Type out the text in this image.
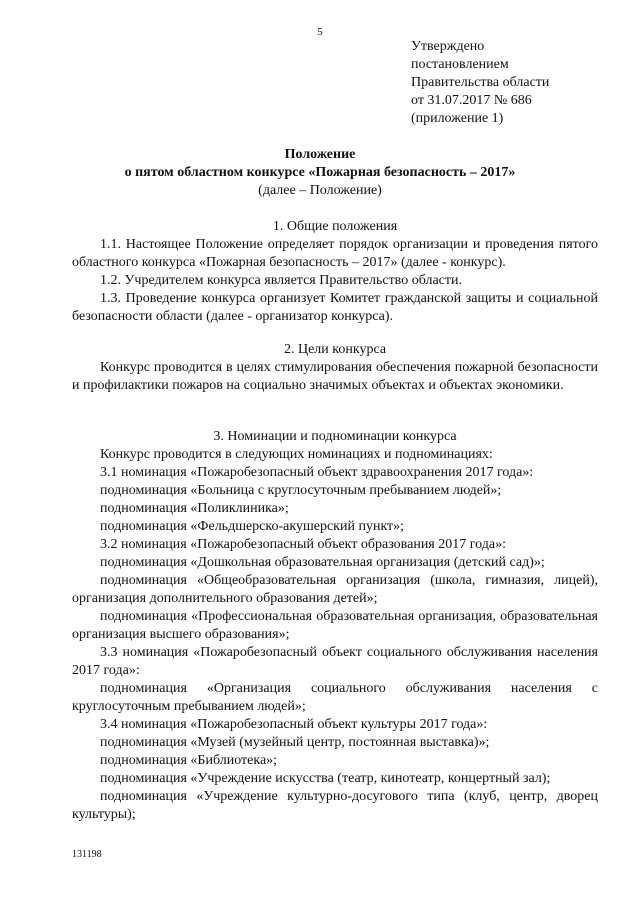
5
Утверждено
постановлением
Правительства области
от 31.07.2017 № 686
(приложение 1)
Положение
о пятом областном конкурсе «Пожарная безопасность – 2017»
(далее – Положение)
1. Общие положения
1.1. Настоящее Положение определяет порядок организации и проведения пятого областного конкурса «Пожарная безопасность – 2017» (далее - конкурс).
1.2. Учредителем конкурса является Правительство области.
1.3. Проведение конкурса организует Комитет гражданской защиты и социальной безопасности области (далее - организатор конкурса).
2. Цели конкурса
Конкурс проводится в целях стимулирования обеспечения пожарной безопасности и профилактики пожаров на социально значимых объектах и объектах экономики.
3. Номинации и подноминации конкурса
Конкурс проводится в следующих номинациях и подноминациях:
3.1 номинация «Пожаробезопасный объект здравоохранения 2017 года»:
подноминация «Больница с круглосуточным пребыванием людей»;
подноминация «Поликлиника»;
подноминация «Фельдшерско-акушерский пункт»;
3.2 номинация «Пожаробезопасный объект образования 2017 года»:
подноминация «Дошкольная образовательная организация (детский сад)»;
подноминация «Общеобразовательная организация (школа, гимназия, лицей), организация дополнительного образования детей»;
подноминация «Профессиональная образовательная организация, образовательная организация высшего образования»;
3.3 номинация «Пожаробезопасный объект социального обслуживания населения 2017 года»:
подноминация «Организация социального обслуживания населения с круглосуточным пребыванием людей»;
3.4 номинация «Пожаробезопасный объект культуры 2017 года»:
подноминация «Музей (музейный центр, постоянная выставка)»;
подноминация «Библиотека»;
подноминация «Учреждение искусства (театр, кинотеатр, концертный зал);
подноминация «Учреждение культурно-досугового типа (клуб, центр, дворец культуры);
131198
